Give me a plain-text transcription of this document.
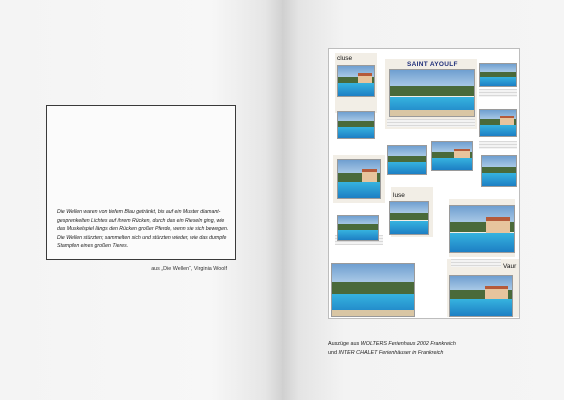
Die Wellen waren von tiefem Blau getränkt, bis auf ein Muster diamant-
gesprenkelten Lichtes auf ihrem Rücken, durch das ein Rieseln ging, wie
das Muskelspiel längs den Rücken großer Pferde, wenn sie sich bewegen.
Die Wellen stürzten; sammelten sich und stürzten wieder, wie das dumpfe
Stampfen eines großen Tieres.
aus „Die Wellen“, Virginia Woolf
cluse
SAINT AYOULF
luse
Vaur
Auszüge aus WOLTERS Ferienhaus 2002 Frankreich
und INTER CHALET Ferienhäuser in Frankreich
